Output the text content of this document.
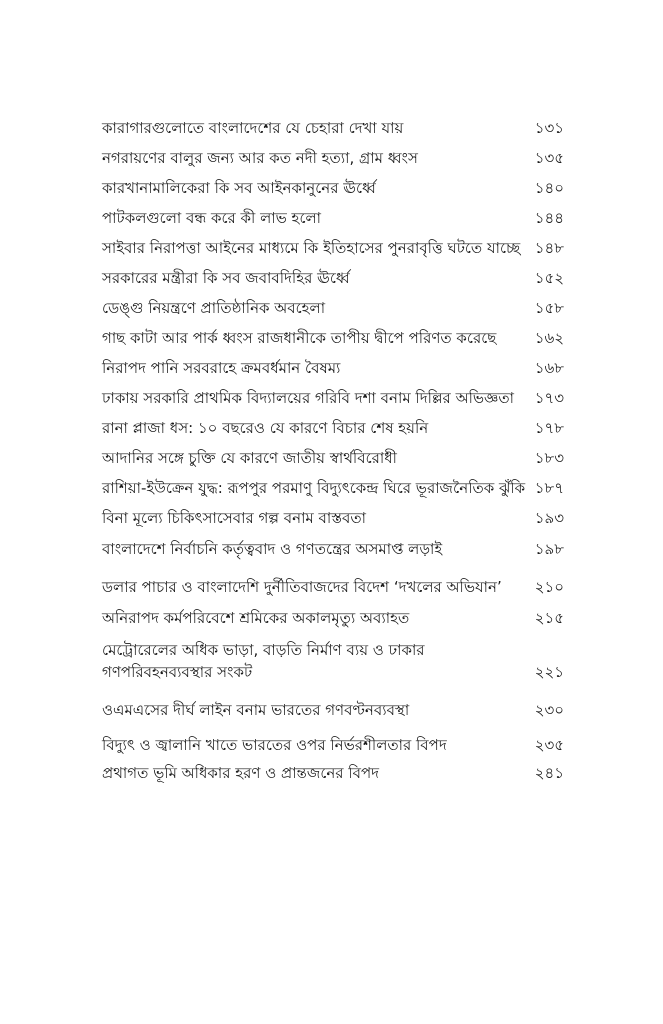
কারাগারগুলোতে বাংলাদেশের যে চেহারা দেখা যায়	১৩১
নগরায়ণের বালুর জন্য আর কত নদী হত্যা, গ্রাম ধ্বংস	১৩৫
কারখানামালিকেরা কি সব আইনকানুনের ঊর্ধ্বে	১৪০
পাটকলগুলো বন্ধ করে কী লাভ হলো	১৪৪
সাইবার নিরাপত্তা আইনের মাধ্যমে কি ইতিহাসের পুনরাবৃত্তি ঘটতে যাচ্ছে ১৪৮
সরকারের মন্ত্রীরা কি সব জবাবদিহির ঊর্ধ্বে	১৫২
ডেঙ্গু নিয়ন্ত্রণে প্রাতিষ্ঠানিক অবহেলা	১৫৮
গাছ কাটা আর পার্ক ধ্বংস রাজধানীকে তাপীয় দ্বীপে পরিণত করেছে	১৬২
নিরাপদ পানি সরবরাহে ক্রমবর্ধমান বৈষম্য	১৬৮
ঢাকায় সরকারি প্রাথমিক বিদ্যালয়ের গরিবি দশা বনাম দিল্লির অভিজ্ঞতা ১৭৩
রানা প্লাজা ধস: ১০ বছরেও যে কারণে বিচার শেষ হয়নি	১৭৮
আদানির সঙ্গে চুক্তি যে কারণে জাতীয় স্বার্থবিরোধী	১৮৩
রাশিয়া-ইউক্রেন যুদ্ধ: রূপপুর পরমাণু বিদ্যুৎকেন্দ্র ঘিরে ভূরাজনৈতিক ঝুঁকি ১৮৭
বিনা মূল্যে চিকিৎসাসেবার গল্প বনাম বাস্তবতা	১৯৩
বাংলাদেশে নির্বাচনি কর্তৃত্ববাদ ও গণতন্ত্রের অসমাপ্ত লড়াই	১৯৮
ডলার পাচার ও বাংলাদেশি দুর্নীতিবাজদের বিদেশ ‘দখলের অভিযান’	২১০
অনিরাপদ কর্মপরিবেশে শ্রমিকের অকালমৃত্যু অব্যাহত	২১৫
মেট্রোরেলের অধিক ভাড়া, বাড়তি নির্মাণ ব্যয় ও ঢাকার গণপরিবহনব্যবস্থার সংকট	২২১
ওএমএসের দীর্ঘ লাইন বনাম ভারতের গণবণ্টনব্যবস্থা	২৩০
বিদ্যুৎ ও জ্বালানি খাতে ভারতের ওপর নির্ভরশীলতার বিপদ	২৩৫
প্রথাগত ভূমি অধিকার হরণ ও প্রান্তজনের বিপদ	২৪১
